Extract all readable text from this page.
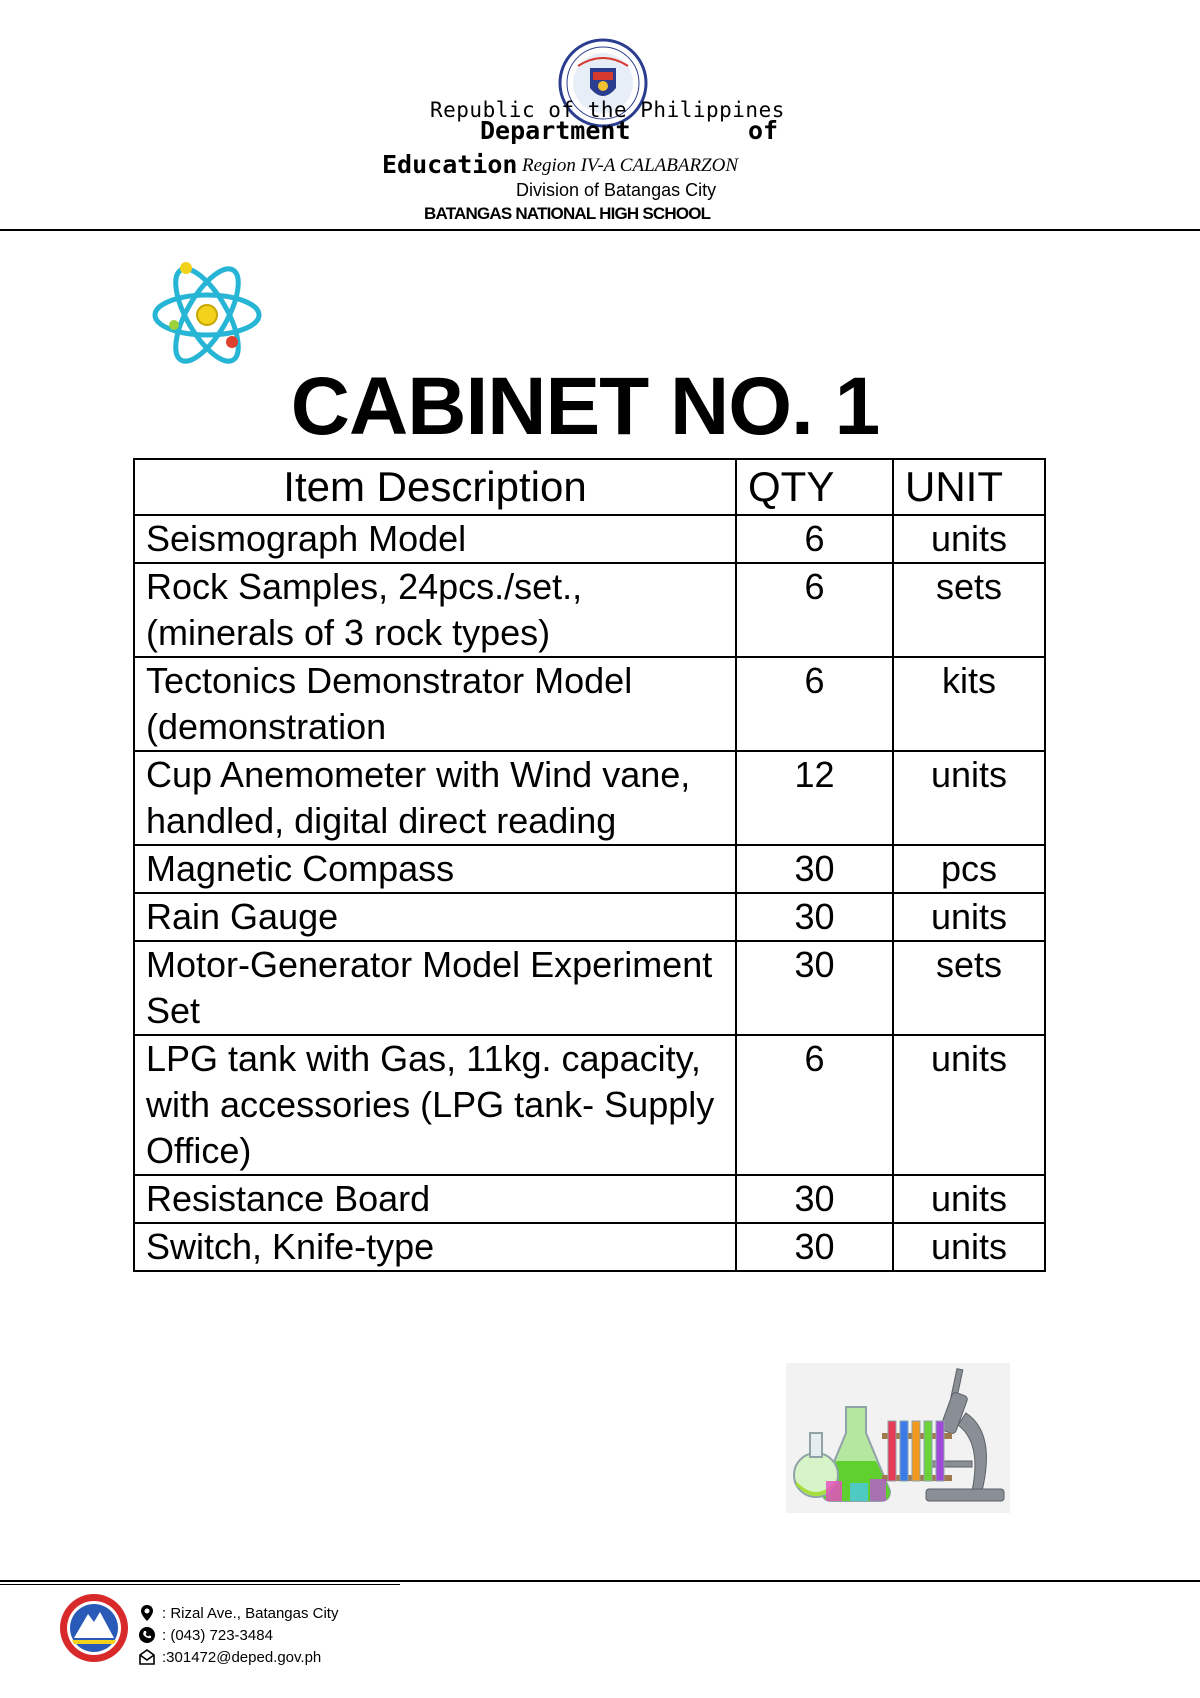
Republic of the Philippines
Department	of
Education Region IV-A CALABARZON
Division of Batangas City
BATANGAS NATIONAL HIGH SCHOOL
CABINET NO. 1
Item Description	QTY	UNIT
Seismograph Model	6	units
Rock Samples, 24pcs./set., (minerals of 3 rock types)	6	sets
Tectonics Demonstrator Model (demonstration	6	kits
Cup Anemometer with Wind vane, handled, digital direct reading	12	units
Magnetic Compass	30	pcs
Rain Gauge	30	units
Motor-Generator Model Experiment Set	30	sets
LPG tank with Gas, 11kg. capacity, with accessories (LPG tank- Supply Office)	6	units
Resistance Board	30	units
Switch, Knife-type	30	units
: Rizal Ave., Batangas City
: (043) 723-3484
:301472@deped.gov.ph
